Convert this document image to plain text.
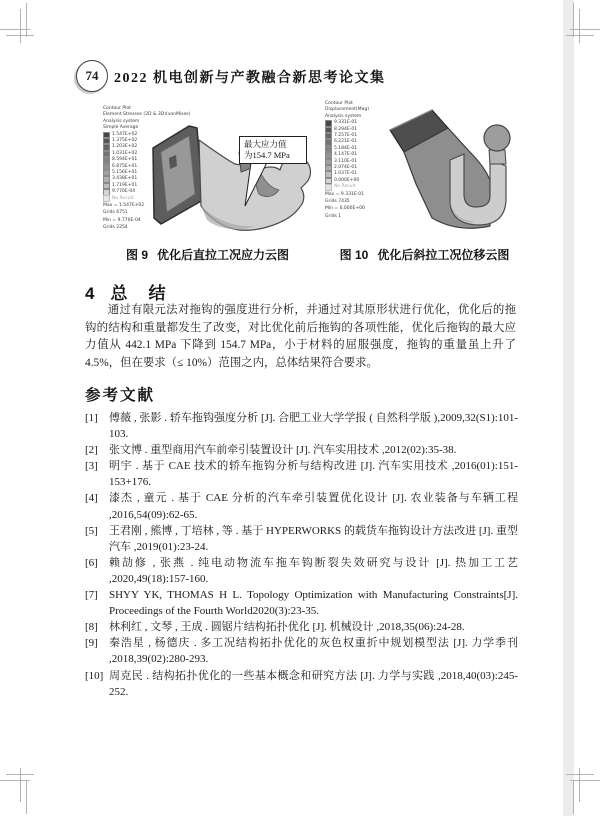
74	2022 机电创新与产教融合新思考论文集
Contour Plot
Element Stresses (2D & 3D)(vonMises)
Analysis system
Simple Average
1.547E+02
1.375E+02
1.203E+02
1.031E+02
8.594E+01
6.875E+01
5.156E+01
3.438E+01
1.719E+01
9.770E-04
No Result
Max = 1.547E+02
Grids 6751
Min = 9.770E-04
Grids 2254
最大应力值
为154.7 MPa
Contour Plot
Displacement(Mag)
Analysis system
9.331E-01
8.294E-01
7.257E-01
6.221E-01
5.184E-01
4.147E-01
3.110E-01
2.074E-01
1.037E-01
0.000E+00
No Result
Max = 9.331E-01
Grids 7435
Min = 0.000E+00
Grids 1
图 9 优化后直拉工况应力云图	图 10 优化后斜拉工况位移云图
4 总　结
通过有限元法对拖钩的强度进行分析，并通过对其原形状进行优化，优化后的拖钩的结构和重量都发生了改变，对比优化前后拖钩的各项性能，优化后拖钩的最大应力值从 442.1 MPa 下降到 154.7 MPa，小于材料的屈服强度，拖钩的重量虽上升了 4.5%，但在要求（≤ 10%）范围之内，总体结果符合要求。
参考文献
[1] 傅薇 , 张影 . 轿车拖钩强度分析 [J]. 合肥工业大学学报 ( 自然科学版 ),2009,32(S1):101-103.
[2] 张文博 . 重型商用汽车前牵引装置设计 [J]. 汽车实用技术 ,2012(02):35-38.
[3] 明宇 . 基于 CAE 技术的轿车拖钩分析与结构改进 [J]. 汽车实用技术 ,2016(01):151-153+176.
[4] 漆杰 , 童元 . 基于 CAE 分析的汽车牵引装置优化设计 [J]. 农业装备与车辆工程 ,2016,54(09):62-65.
[5] 王君刚 , 熊博 , 丁培林 , 等 . 基于 HYPERWORKS 的载货车拖钩设计方法改进 [J]. 重型汽车 ,2019(01):23-24.
[6] 赖劼修 , 张燕 . 纯电动物流车拖车钩断裂失效研究与设计 [J]. 热加工工艺 ,2020,49(18):157-160.
[7] SHYY YK, THOMAS H L. Topology Optimization with Manufacturing Constraints[J]. Proceedings of the Fourth World2020(3):23-35.
[8] 林利红 , 文琴 , 王成 . 圆锯片结构拓扑优化 [J]. 机械设计 ,2018,35(06):24-28.
[9] 秦浩星 , 杨德庆 . 多工况结构拓扑优化的灰色权重折中规划模型法 [J]. 力学季刊 ,2018,39(02):280-293.
[10] 周克民 . 结构拓扑优化的一些基本概念和研究方法 [J]. 力学与实践 ,2018,40(03):245-252.
